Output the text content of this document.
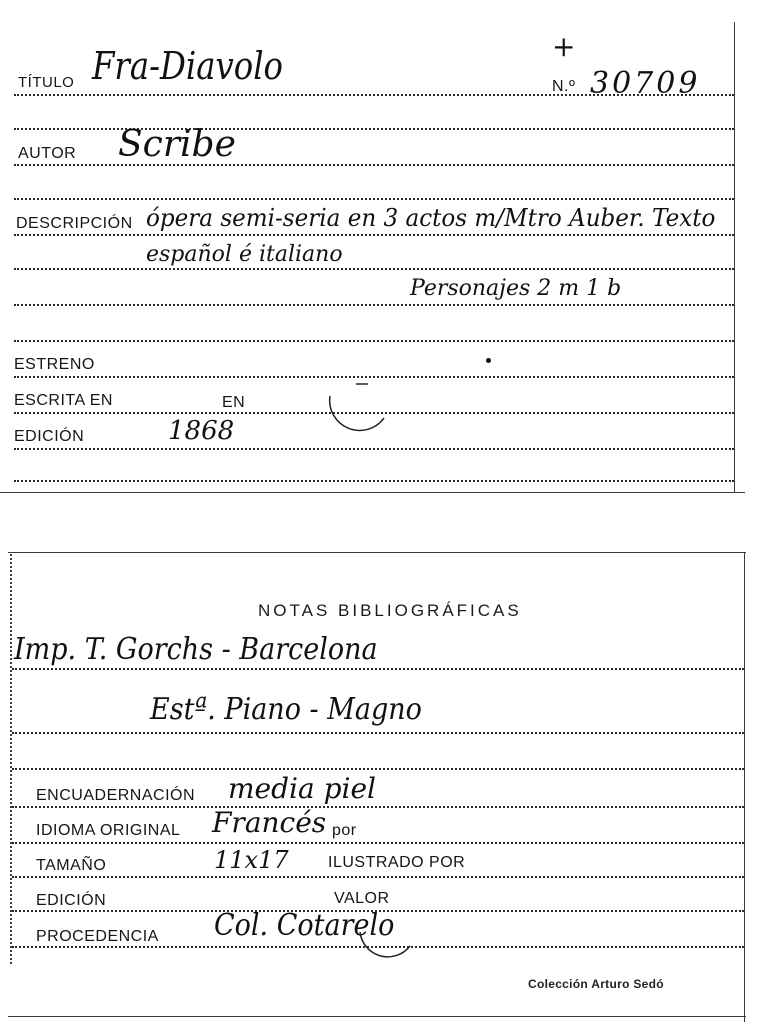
TÍTULO Fra-Diavolo	+
N.º 30709
AUTOR Scribe
DESCRIPCIÓN ópera semi-seria en 3 actos m/Mtro Auber. Texto
español é italiano
Personajes 2 m 1 b
ESTRENO
ESCRITA EN	EN
EDICIÓN	1868
NOTAS BIBLIOGRÁFICAS
Imp. T. Gorchs - Barcelona
Estª. Piano - Magno
ENCUADERNACIÓN media piel
IDIOMA ORIGINAL Francés por
TAMAÑO	11x17 ILUSTRADO POR
EDICIÓN	VALOR
PROCEDENCIA Col. Cotarelo
Colección Arturo Sedó
